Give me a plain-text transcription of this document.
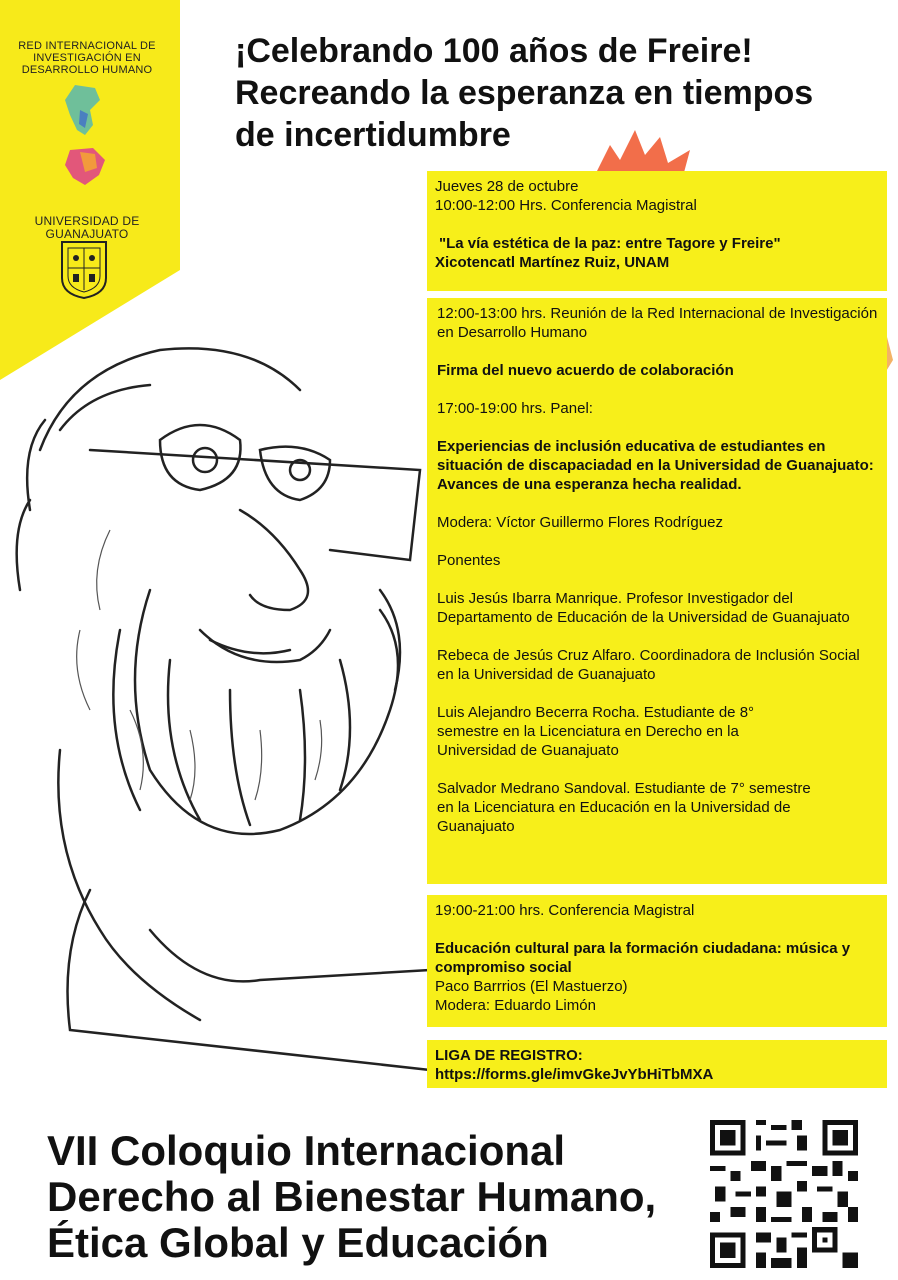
RED INTERNACIONAL DE INVESTIGACIÓN EN DESARROLLO HUMANO
UNIVERSIDAD DE GUANAJUATO
¡Celebrando 100 años de Freire!
Recreando la esperanza en tiempos
de incertidumbre

Jueves 28 de octubre

10:00-12:00 Hrs. Conferencia Magistral

"La vía estética de la paz: entre Tagore y Freire"

Xicotencatl Martínez Ruiz, UNAM

12:00-13:00 hrs. Reunión de la Red Internacional de Investigación en Desarrollo Humano

Firma del nuevo acuerdo de colaboración

17:00-19:00 hrs. Panel:

Experiencias de inclusión educativa de estudiantes en situación de discapaciadad en la Universidad de Guanajuato: Avances de una esperanza hecha realidad.

Modera: Víctor Guillermo Flores Rodríguez

Ponentes

Luis Jesús Ibarra Manrique. Profesor Investigador del Departamento de Educación de la Universidad de Guanajuato

Rebeca de Jesús Cruz Alfaro. Coordinadora de Inclusión Social en la Universidad de Guanajuato

Luis Alejandro Becerra Rocha. Estudiante de 8° semestre en la Licenciatura en Derecho en la Universidad de Guanajuato

Salvador Medrano Sandoval. Estudiante de 7° semestre en la Licenciatura en Educación en la Universidad de Guanajuato

19:00-21:00 hrs. Conferencia Magistral

Educación cultural para la formación ciudadana: música y compromiso social

Paco Barrrios (El Mastuerzo)

Modera: Eduardo Limón

LIGA DE REGISTRO:

https://forms.gle/imvGkeJvYbHiTbMXA

VII Coloquio Internacional
Derecho al Bienestar Humano,
Ética Global y Educación
